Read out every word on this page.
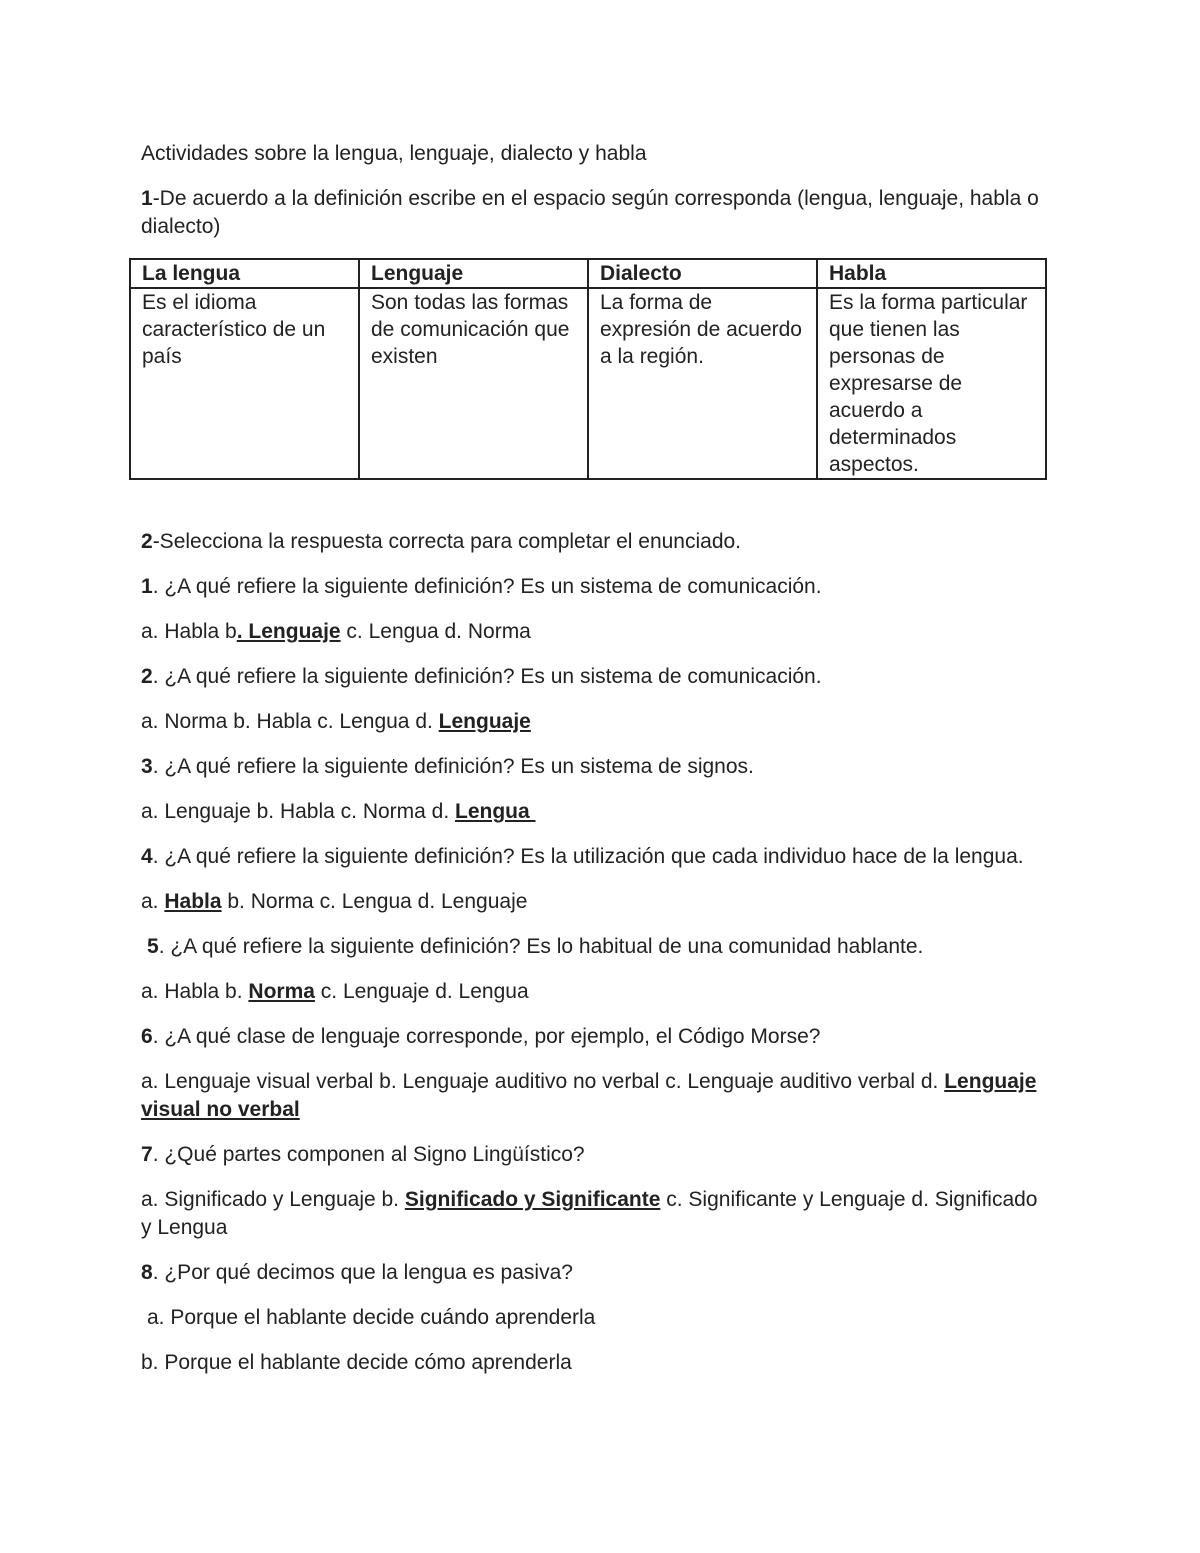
Actividades sobre la lengua, lenguaje, dialecto y habla

1-De acuerdo a la definición escribe en el espacio según corresponda (lengua, lenguaje, habla o dialecto)

La lengua	Lenguaje	Dialecto	Habla
Es el idioma característico de un país	Son todas las formas de comunicación que existen	La forma de expresión de acuerdo a la región.	Es la forma particular que tienen las personas de expresarse de acuerdo a determinados aspectos.

2-Selecciona la respuesta correcta para completar el enunciado.

1. ¿A qué refiere la siguiente definición? Es un sistema de comunicación.

a. Habla b. Lenguaje c. Lengua d. Norma

2. ¿A qué refiere la siguiente definición? Es un sistema de comunicación.

a. Norma b. Habla c. Lengua d. Lenguaje

3. ¿A qué refiere la siguiente definición? Es un sistema de signos.

a. Lenguaje b. Habla c. Norma d. Lengua

4. ¿A qué refiere la siguiente definición? Es la utilización que cada individuo hace de la lengua.

a. Habla b. Norma c. Lengua d. Lenguaje

5. ¿A qué refiere la siguiente definición? Es lo habitual de una comunidad hablante.

a. Habla b. Norma c. Lenguaje d. Lengua

6. ¿A qué clase de lenguaje corresponde, por ejemplo, el Código Morse?

a. Lenguaje visual verbal b. Lenguaje auditivo no verbal c. Lenguaje auditivo verbal d. Lenguaje visual no verbal

7. ¿Qué partes componen al Signo Lingüístico?

a. Significado y Lenguaje b. Significado y Significante c. Significante y Lenguaje d. Significado y Lengua

8. ¿Por qué decimos que la lengua es pasiva?

a. Porque el hablante decide cuándo aprenderla

b. Porque el hablante decide cómo aprenderla
